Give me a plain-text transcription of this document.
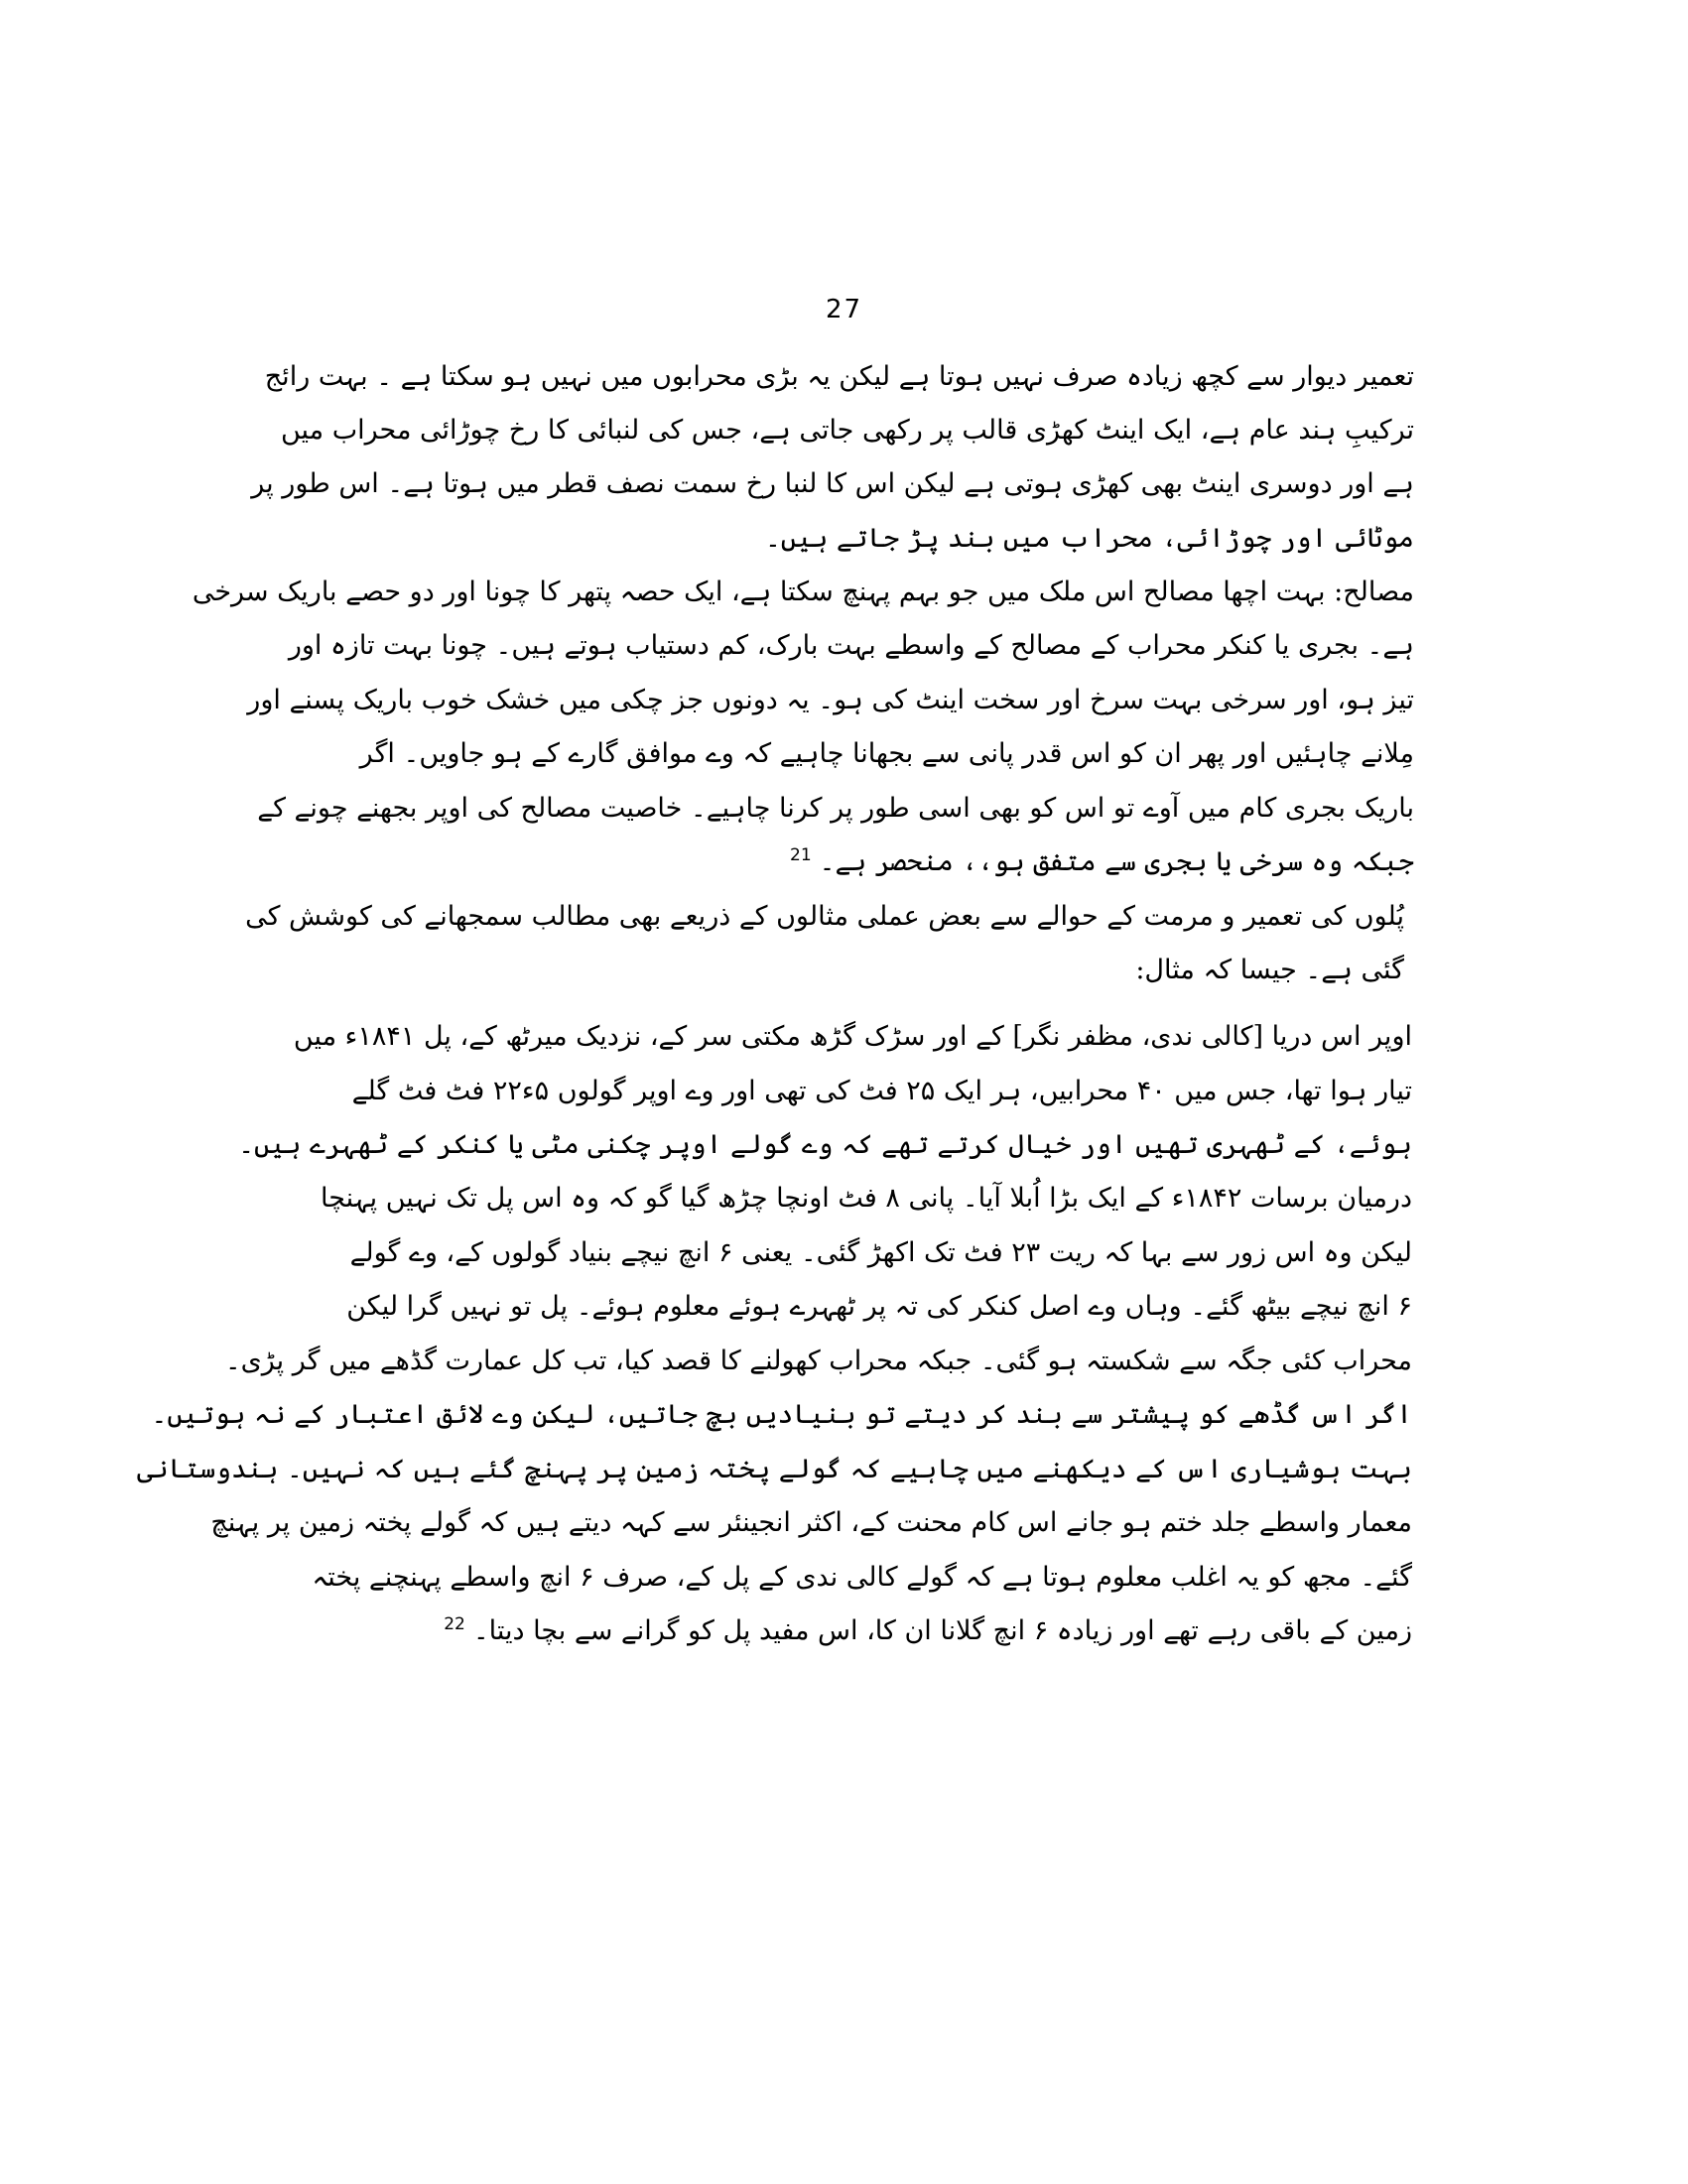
27
تعمیر دیوار سے کچھ زیادہ صرف نہیں ہوتا ہے لیکن یہ بڑی محرابوں میں نہیں ہو سکتا ہے ۔ بہت رائج
ترکیبِ ہند عام ہے، ایک اینٹ کھڑی قالب پر رکھی جاتی ہے، جس کی لنبائی کا رخ چوڑائی محراب میں
ہے اور دوسری اینٹ بھی کھڑی ہوتی ہے لیکن اس کا لنبا رخ سمت نصف قطر میں ہوتا ہے۔ اس طور پر
موٹائی اور چوڑائی، محراب میں بند پڑ جاتے ہیں۔
مصالح: بہت اچھا مصالح اس ملک میں جو بہم پہنچ سکتا ہے، ایک حصہ پتھر کا چونا اور دو حصے باریک سرخی
ہے۔ بجری یا کنکر محراب کے مصالح کے واسطے بہت بارک، کم دستیاب ہوتے ہیں۔ چونا بہت تازہ اور
تیز ہو، اور سرخی بہت سرخ اور سخت اینٹ کی ہو۔ یہ دونوں جز چکی میں خشک خوب باریک پسنے اور
مِلانے چاہئیں اور پھر ان کو اس قدر پانی سے بجھانا چاہیے کہ وے موافق گارے کے ہو جاویں۔ اگر
باریک بجری کام میں آوے تو اس کو بھی اسی طور پر کرنا چاہیے۔ خاصیت مصالح کی اوپر بجھنے چونے کے
جبکہ وہ سرخی یا بجری سے متفق ہو،، منحصر ہے۔$^{21}$
پُلوں کی تعمیر و مرمت کے حوالے سے بعض عملی مثالوں کے ذریعے بھی مطالب سمجھانے کی کوشش کی
گئی ہے۔ جیسا کہ مثال:
اوپر اس دریا [کالی ندی، مظفر نگر] کے اور سڑک گڑھ مکتی سر کے، نزدیک میرٹھ کے، پل ۱۸۴۱ء میں
تیار ہوا تھا، جس میں ۴۰ محرابیں، ہر ایک ۲۵ فٹ کی تھی اور وے اوپر گولوں ۵ء۲۲ فٹ فٹ گلے
ہوئے، کے ٹھہری تھیں اور خیال کرتے تھے کہ وے گولے اوپر چکنی مٹی یا کنکر کے ٹھہرے ہیں۔
درمیان برسات ۱۸۴۲ء کے ایک بڑا اُبلا آیا۔ پانی ۸ فٹ اونچا چڑھ گیا گو کہ وہ اس پل تک نہیں پہنچا
لیکن وہ اس زور سے بہا کہ ریت ۲۳ فٹ تک اکھڑ گئی۔ یعنی ۶ انچ نیچے بنیاد گولوں کے، وے گولے
۶ انچ نیچے بیٹھ گئے۔ وہاں وے اصل کنکر کی تہ پر ٹھہرے ہوئے معلوم ہوئے۔ پل تو نہیں گرا لیکن
محراب کئی جگہ سے شکستہ ہو گئی۔ جبکہ محراب کھولنے کا قصد کیا، تب کل عمارت گڈھے میں گر پڑی۔
اگر اس گڈھے کو پیشتر سے بند کر دیتے تو بنیادیں بچ جاتیں، لیکن وے لائق اعتبار کے نہ ہوتیں۔
بہت ہوشیاری اس کے دیکھنے میں چاہیے کہ گولے پختہ زمین پر پہنچ گئے ہیں کہ نہیں۔ ہندوستانی
معمار واسطے جلد ختم ہو جانے اس کام محنت کے، اکثر انجینئر سے کہہ دیتے ہیں کہ گولے پختہ زمین پر پہنچ
گئے۔ مجھ کو یہ اغلب معلوم ہوتا ہے کہ گولے کالی ندی کے پل کے، صرف ۶ انچ واسطے پہنچنے پختہ
زمین کے باقی رہے تھے اور زیادہ ۶ انچ گلانا ان کا، اس مفید پل کو گرانے سے بچا دیتا۔$^{22}$
